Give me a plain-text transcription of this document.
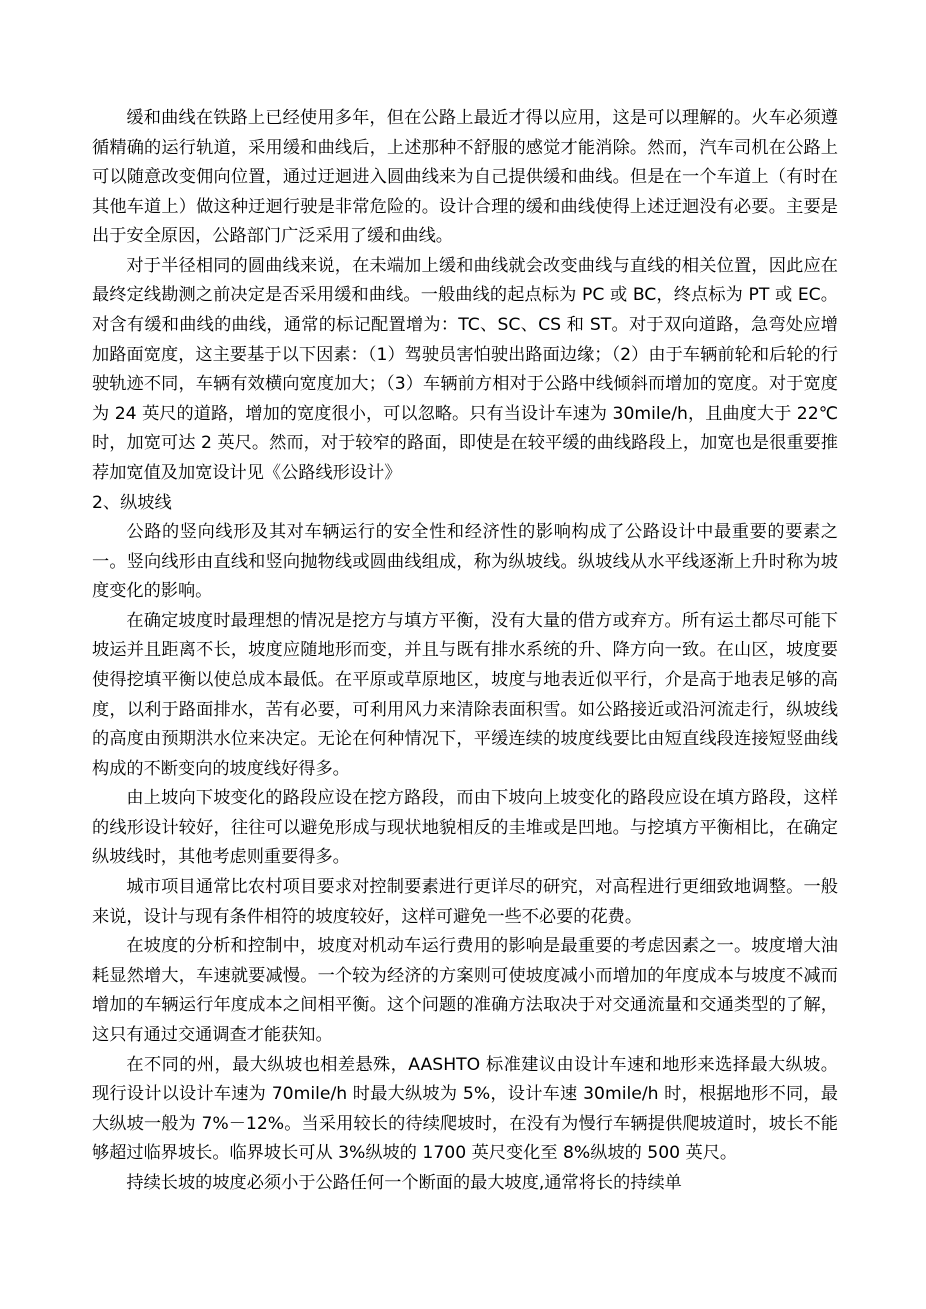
缓和曲线在铁路上已经使用多年，但在公路上最近才得以应用，这是可以理解的。火车必须遵循精确的运行轨道，采用缓和曲线后，上述那种不舒服的感觉才能消除。然而，汽车司机在公路上可以随意改变佣向位置，通过迂迴进入圆曲线来为自己提供缓和曲线。但是在一个车道上（有时在其他车道上）做这种迂迴行驶是非常危险的。设计合理的缓和曲线使得上述迂迴没有必要。主要是出于安全原因，公路部门广泛采用了缓和曲线。

对于半径相同的圆曲线来说，在未端加上缓和曲线就会改变曲线与直线的相关位置，因此应在最终定线勘测之前决定是否采用缓和曲线。一般曲线的起点标为 PC 或 BC，终点标为 PT 或 EC。对含有缓和曲线的曲线，通常的标记配置增为：TC、SC、CS 和 ST。对于双向道路，急弯处应增加路面宽度，这主要基于以下因素：（1）驾驶员害怕驶出路面边缘；（2）由于车辆前轮和后轮的行驶轨迹不同，车辆有效横向宽度加大；（3）车辆前方相对于公路中线倾斜而增加的宽度。对于宽度为 24 英尺的道路，增加的宽度很小，可以忽略。只有当设计车速为 30mile/h，且曲度大于 22℃时，加宽可达 2 英尺。然而，对于较窄的路面，即使是在较平缓的曲线路段上，加宽也是很重要推荐加宽值及加宽设计见《公路线形设计》

2、纵坡线

公路的竖向线形及其对车辆运行的安全性和经济性的影响构成了公路设计中最重要的要素之一。竖向线形由直线和竖向抛物线或圆曲线组成，称为纵坡线。纵坡线从水平线逐渐上升时称为坡度变化的影响。

在确定坡度时最理想的情况是挖方与填方平衡，没有大量的借方或弃方。所有运土都尽可能下坡运并且距离不长，坡度应随地形而变，并且与既有排水系统的升、降方向一致。在山区，坡度要使得挖填平衡以使总成本最低。在平原或草原地区，坡度与地表近似平行，介是高于地表足够的高度，以利于路面排水，苦有必要，可利用风力来清除表面积雪。如公路接近或沿河流走行，纵坡线的高度由预期洪水位来决定。无论在何种情况下，平缓连续的坡度线要比由短直线段连接短竖曲线构成的不断变向的坡度线好得多。

由上坡向下坡变化的路段应设在挖方路段，而由下坡向上坡变化的路段应设在填方路段，这样的线形设计较好，往往可以避免形成与现状地貌相反的圭堆或是凹地。与挖填方平衡相比，在确定纵坡线时，其他考虑则重要得多。

城市项目通常比农村项目要求对控制要素进行更详尽的研究，对高程进行更细致地调整。一般来说，设计与现有条件相符的坡度较好，这样可避免一些不必要的花费。

在坡度的分析和控制中，坡度对机动车运行费用的影响是最重要的考虑因素之一。坡度增大油耗显然增大，车速就要减慢。一个较为经济的方案则可使坡度减小而增加的年度成本与坡度不减而增加的车辆运行年度成本之间相平衡。这个问题的准确方法取决于对交通流量和交通类型的了解，这只有通过交通调查才能获知。

在不同的州，最大纵坡也相差悬殊，AASHTO 标准建议由设计车速和地形来选择最大纵坡。现行设计以设计车速为 70mile/h 时最大纵坡为 5%，设计车速 30mile/h 时，根据地形不同，最大纵坡一般为 7%－12%。当采用较长的待续爬坡时，在没有为慢行车辆提供爬坡道时，坡长不能够超过临界坡长。临界坡长可从 3%纵坡的 1700 英尺变化至 8%纵坡的 500 英尺。

持续长坡的坡度必须小于公路任何一个断面的最大坡度,通常将长的持续单
